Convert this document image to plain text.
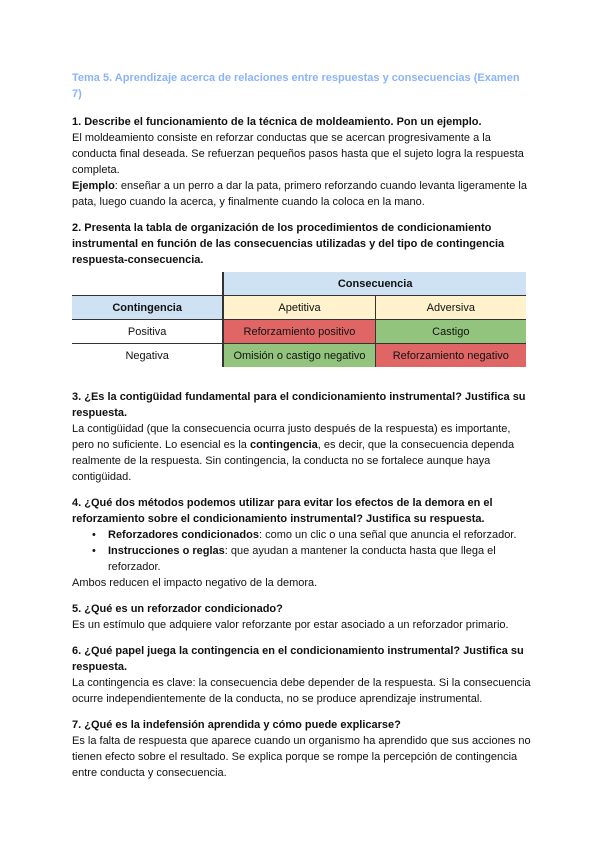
Tema 5. Aprendizaje acerca de relaciones entre respuestas y consecuencias (Examen 7)

1. Describe el funcionamiento de la técnica de moldeamiento. Pon un ejemplo.

El moldeamiento consiste en reforzar conductas que se acercan progresivamente a la conducta final deseada. Se refuerzan pequeños pasos hasta que el sujeto logra la respuesta completa.

Ejemplo: enseñar a un perro a dar la pata, primero reforzando cuando levanta ligeramente la pata, luego cuando la acerca, y finalmente cuando la coloca en la mano.

2. Presenta la tabla de organización de los procedimientos de condicionamiento instrumental en función de las consecuencias utilizadas y del tipo de contingencia respuesta-consecuencia.

	Consecuencia	
Contingencia	Apetitiva	Adversiva
Positiva	Reforzamiento positivo	Castigo
Negativa	Omisión o castigo negativo	Reforzamiento negativo

3. ¿Es la contigüidad fundamental para el condicionamiento instrumental? Justifica su respuesta.

La contigüidad (que la consecuencia ocurra justo después de la respuesta) es importante, pero no suficiente. Lo esencial es la contingencia, es decir, que la consecuencia dependa realmente de la respuesta. Sin contingencia, la conducta no se fortalece aunque haya contigüidad.

4. ¿Qué dos métodos podemos utilizar para evitar los efectos de la demora en el reforzamiento sobre el condicionamiento instrumental? Justifica su respuesta.

• Reforzadores condicionados: como un clic o una señal que anuncia el reforzador.
• Instrucciones o reglas: que ayudan a mantener la conducta hasta que llega el reforzador.

Ambos reducen el impacto negativo de la demora.

5. ¿Qué es un reforzador condicionado?

Es un estímulo que adquiere valor reforzante por estar asociado a un reforzador primario.

6. ¿Qué papel juega la contingencia en el condicionamiento instrumental? Justifica su respuesta.

La contingencia es clave: la consecuencia debe depender de la respuesta. Si la consecuencia ocurre independientemente de la conducta, no se produce aprendizaje instrumental.

7. ¿Qué es la indefensión aprendida y cómo puede explicarse?

Es la falta de respuesta que aparece cuando un organismo ha aprendido que sus acciones no tienen efecto sobre el resultado. Se explica porque se rompe la percepción de contingencia entre conducta y consecuencia.
